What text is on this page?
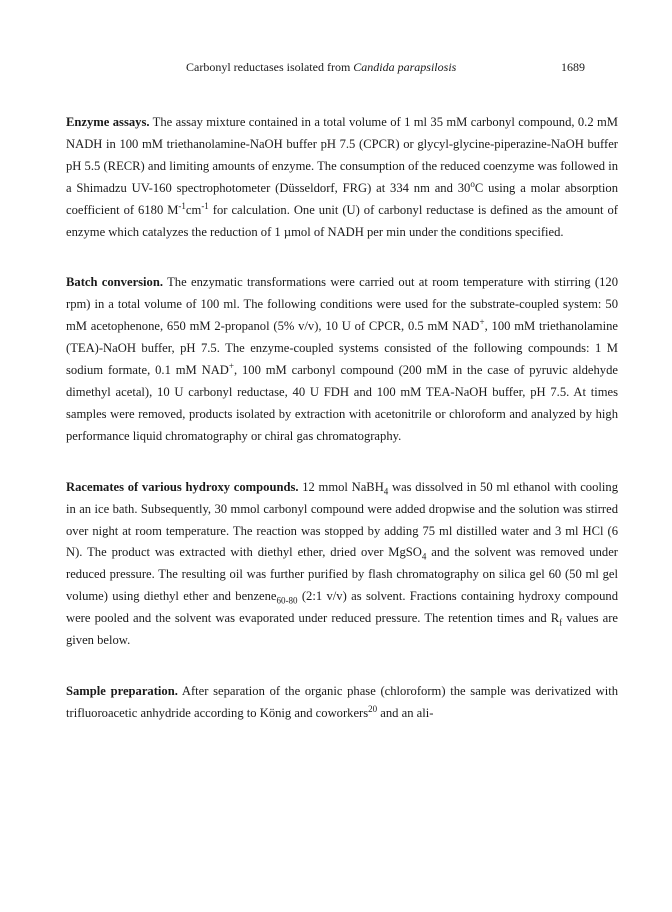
Carbonyl reductases isolated from Candida parapsilosis	1689

Enzyme assays. The assay mixture contained in a total volume of 1 ml 35 mM carbonyl compound, 0.2 mM NADH in 100 mM triethanolamine-NaOH buffer pH 7.5 (CPCR) or glycyl-glycine-piperazine-NaOH buffer pH 5.5 (RECR) and limiting amounts of enzyme. The consumption of the reduced coenzyme was followed in a Shimadzu UV-160 spectrophotometer (Düsseldorf, FRG) at 334 nm and 30$^o$C using a molar absorption coefficient of 6180 $M^{-1}cm^{-1}$ for calculation. One unit (U) of carbonyl reductase is defined as the amount of enzyme which catalyzes the reduction of 1 µmol of NADH per min under the conditions specified.

Batch conversion. The enzymatic transformations were carried out at room temperature with stirring (120 rpm) in a total volume of 100 ml. The following conditions were used for the substrate-coupled system: 50 mM acetophenone, 650 mM 2-propanol (5% v/v), 10 U of CPCR, 0.5 mM NAD+, 100 mM triethanolamine (TEA)-NaOH buffer, pH 7.5. The enzyme-coupled systems consisted of the following compounds: 1 M sodium formate, 0.1 mM NAD+, 100 mM carbonyl compound (200 mM in the case of pyruvic aldehyde dimethyl acetal), 10 U carbonyl reductase, 40 U FDH and 100 mM TEA-NaOH buffer, pH 7.5. At times samples were removed, products isolated by extraction with acetonitrile or chloroform and analyzed by high performance liquid chromatography or chiral gas chromatography.

Racemates of various hydroxy compounds. 12 mmol NaBH$_4$ was dissolved in 50 ml ethanol with cooling in an ice bath. Subsequently, 30 mmol carbonyl compound were added dropwise and the solution was stirred over night at room temperature. The reaction was stopped by adding 75 ml distilled water and 3 ml HCl (6 N). The product was extracted with diethyl ether, dried over MgSO$_4$ and the solvent was removed under reduced pressure. The resulting oil was further purified by flash chromatography on silica gel 60 (50 ml gel volume) using diethyl ether and benzene$_{60-80}$ (2:1 v/v) as solvent. Fractions containing hydroxy compound were pooled and the solvent was evaporated under reduced pressure. The retention times and $R_f$ values are given below.

Sample preparation. After separation of the organic phase (chloroform) the sample was derivatized with trifluoroacetic anhydride according to König and coworkers$^{20}$ and an ali-
